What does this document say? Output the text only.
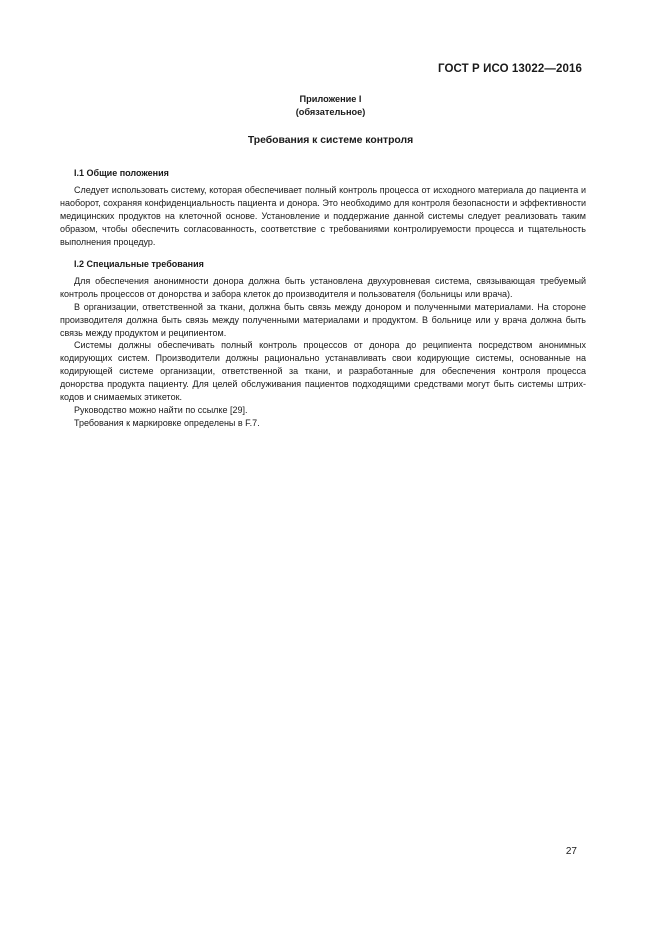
ГОСТ Р ИСО 13022—2016
Приложение I
(обязательное)
Требования к системе контроля
I.1 Общие положения

Следует использовать систему, которая обеспечивает полный контроль процесса от исходного материала до пациента и наоборот, сохраняя конфиденциальность пациента и донора. Это необходимо для контроля безопасности и эффективности медицинских продуктов на клеточной основе. Установление и поддержание данной системы следует реализовать таким образом, чтобы обеспечить согласованность, соответствие с требованиями контролируемости процесса и тщательность выполнения процедур.

I.2 Специальные требования

Для обеспечения анонимности донора должна быть установлена двухуровневая система, связывающая требуемый контроль процессов от донорства и забора клеток до производителя и пользователя (больницы или врача).

В организации, ответственной за ткани, должна быть связь между донором и полученными материалами. На стороне производителя должна быть связь между полученными материалами и продуктом. В больнице или у врача должна быть связь между продуктом и реципиентом.

Системы должны обеспечивать полный контроль процессов от донора до реципиента посредством анонимных кодирующих систем. Производители должны рационально устанавливать свои кодирующие системы, основанные на кодирующей системе организации, ответственной за ткани, и разработанные для обеспечения контроля процесса донорства продукта пациенту. Для целей обслуживания пациентов подходящими средствами могут быть системы штрих-кодов и снимаемых этикеток.

Руководство можно найти по ссылке [29].

Требования к маркировке определены в F.7.

27
